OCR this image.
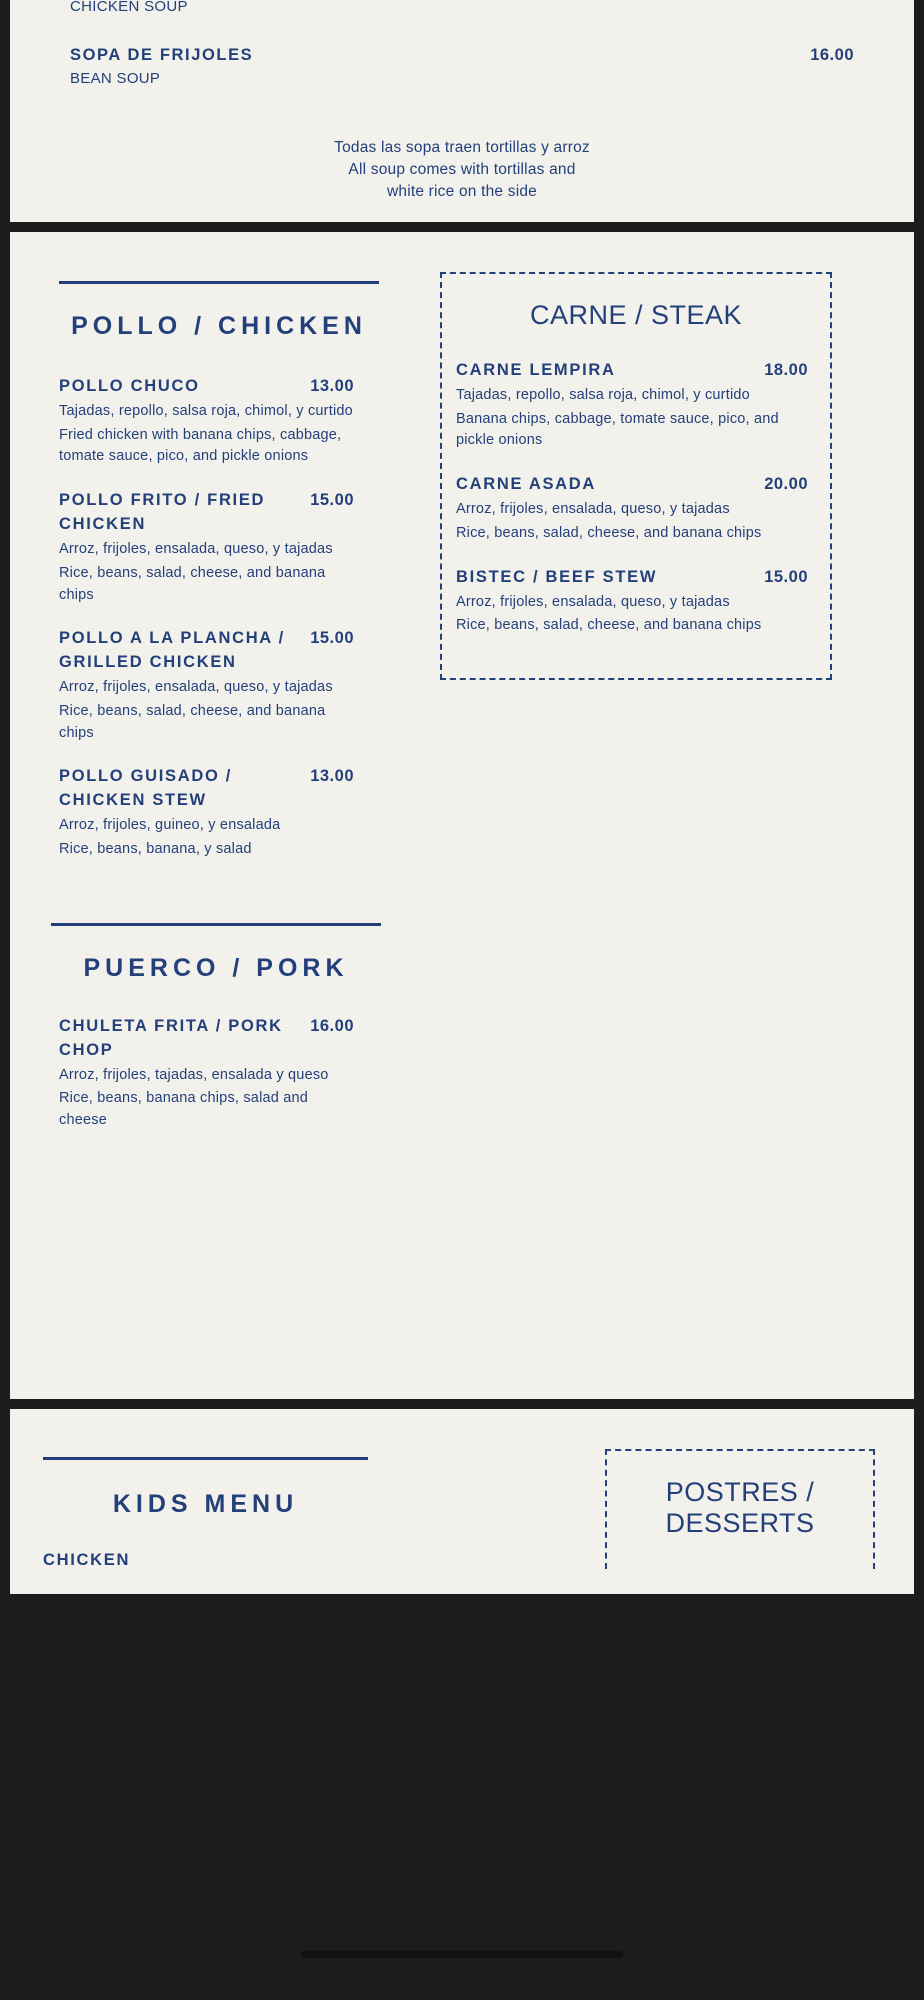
CHICKEN SOUP
SOPA DE FRIJOLES
BEAN SOUP
16.00
Todas las sopa traen tortillas y arroz
All soup comes with tortillas and
white rice on the side
POLLO / CHICKEN
POLLO CHUCO	13.00
Tajadas, repollo, salsa roja, chimol, y curtido
Fried chicken with banana chips, cabbage, tomate sauce, pico, and pickle onions
POLLO FRITO / FRIED CHICKEN
15.00
Arroz, frijoles, ensalada, queso, y tajadas
Rice, beans, salad, cheese, and banana chips
POLLO A LA PLANCHA / GRILLED CHICKEN
15.00
Arroz, frijoles, ensalada, queso, y tajadas
Rice, beans, salad, cheese, and banana chips
POLLO GUISADO / CHICKEN STEW
13.00
Arroz, frijoles, guineo, y ensalada
Rice, beans, banana, y salad
PUERCO / PORK
CHULETA FRITA / PORK CHOP
16.00
Arroz, frijoles, tajadas, ensalada y queso
Rice, beans, banana chips, salad and cheese
CARNE / STEAK
CARNE LEMPIRA	18.00
Tajadas, repollo, salsa roja, chimol, y curtido
Banana chips, cabbage, tomate sauce, pico, and pickle onions
CARNE ASADA	20.00
Arroz, frijoles, ensalada, queso, y tajadas
Rice, beans, salad, cheese, and banana chips
BISTEC / BEEF STEW	15.00
Arroz, frijoles, ensalada, queso, y tajadas
Rice, beans, salad, cheese, and banana chips
KIDS MENU
CHICKEN
POSTRES /
DESSERTS
